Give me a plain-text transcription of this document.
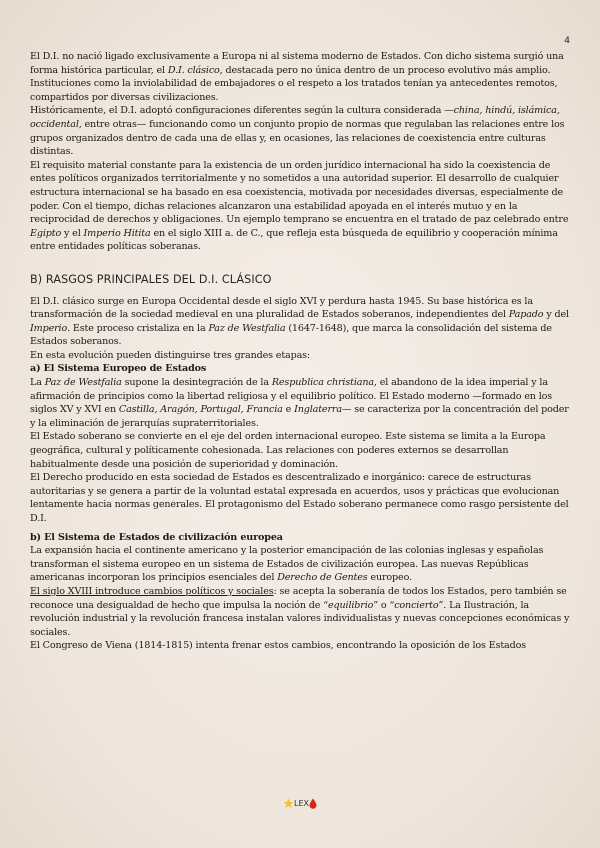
4

El D.I. no nació ligado exclusivamente a Europa ni al sistema moderno de Estados. Con dicho sistema surgió una forma histórica particular, el D.I. clásico, destacada pero no única dentro de un proceso evolutivo más amplio. Instituciones como la inviolabilidad de embajadores o el respeto a los tratados tenían ya antecedentes remotos, compartidos por diversas civilizaciones.

Históricamente, el D.I. adoptó configuraciones diferentes según la cultura considerada —china, hindú, islámica, occidental, entre otras— funcionando como un conjunto propio de normas que regulaban las relaciones entre los grupos organizados dentro de cada una de ellas y, en ocasiones, las relaciones de coexistencia entre culturas distintas.

El requisito material constante para la existencia de un orden jurídico internacional ha sido la coexistencia de entes políticos organizados territorialmente y no sometidos a una autoridad superior. El desarrollo de cualquier estructura internacional se ha basado en esa coexistencia, motivada por necesidades diversas, especialmente de poder. Con el tiempo, dichas relaciones alcanzaron una estabilidad apoyada en el interés mutuo y en la reciprocidad de derechos y obligaciones. Un ejemplo temprano se encuentra en el tratado de paz celebrado entre Egipto y el Imperio Hitita en el siglo XIII a. de C., que refleja esta búsqueda de equilibrio y cooperación mínima entre entidades políticas soberanas.

B) RASGOS PRINCIPALES DEL D.I. CLÁSICO

El D.I. clásico surge en Europa Occidental desde el siglo XVI y perdura hasta 1945. Su base histórica es la transformación de la sociedad medieval en una pluralidad de Estados soberanos, independientes del Papado y del Imperio. Este proceso cristaliza en la Paz de Westfalia (1647-1648), que marca la consolidación del sistema de Estados soberanos.

En esta evolución pueden distinguirse tres grandes etapas:

a) El Sistema Europeo de Estados

La Paz de Westfalia supone la desintegración de la Respublica christiana, el abandono de la idea imperial y la afirmación de principios como la libertad religiosa y el equilibrio político. El Estado moderno —formado en los siglos XV y XVI en Castilla, Aragón, Portugal, Francia e Inglaterra— se caracteriza por la concentración del poder y la eliminación de jerarquías supraterritoriales.

El Estado soberano se convierte en el eje del orden internacional europeo. Este sistema se limita a la Europa geográfica, cultural y políticamente cohesionada. Las relaciones con poderes externos se desarrollan habitualmente desde una posición de superioridad y dominación.

El Derecho producido en esta sociedad de Estados es descentralizado e inorgánico: carece de estructuras autoritarias y se genera a partir de la voluntad estatal expresada en acuerdos, usos y prácticas que evolucionan lentamente hacia normas generales. El protagonismo del Estado soberano permanece como rasgo persistente del D.I.

b) El Sistema de Estados de civilización europea

La expansión hacia el continente americano y la posterior emancipación de las colonias inglesas y españolas transforman el sistema europeo en un sistema de Estados de civilización europea. Las nuevas Repúblicas americanas incorporan los principios esenciales del Derecho de Gentes europeo.

El siglo XVIII introduce cambios políticos y sociales: se acepta la soberanía de todos los Estados, pero también se reconoce una desigualdad de hecho que impulsa la noción de “equilibrio” o “concierto”. La Ilustración, la revolución industrial y la revolución francesa instalan valores individualistas y nuevas concepciones económicas y sociales.

El Congreso de Viena (1814-1815) intenta frenar estos cambios, encontrando la oposición de los Estados

LEX
